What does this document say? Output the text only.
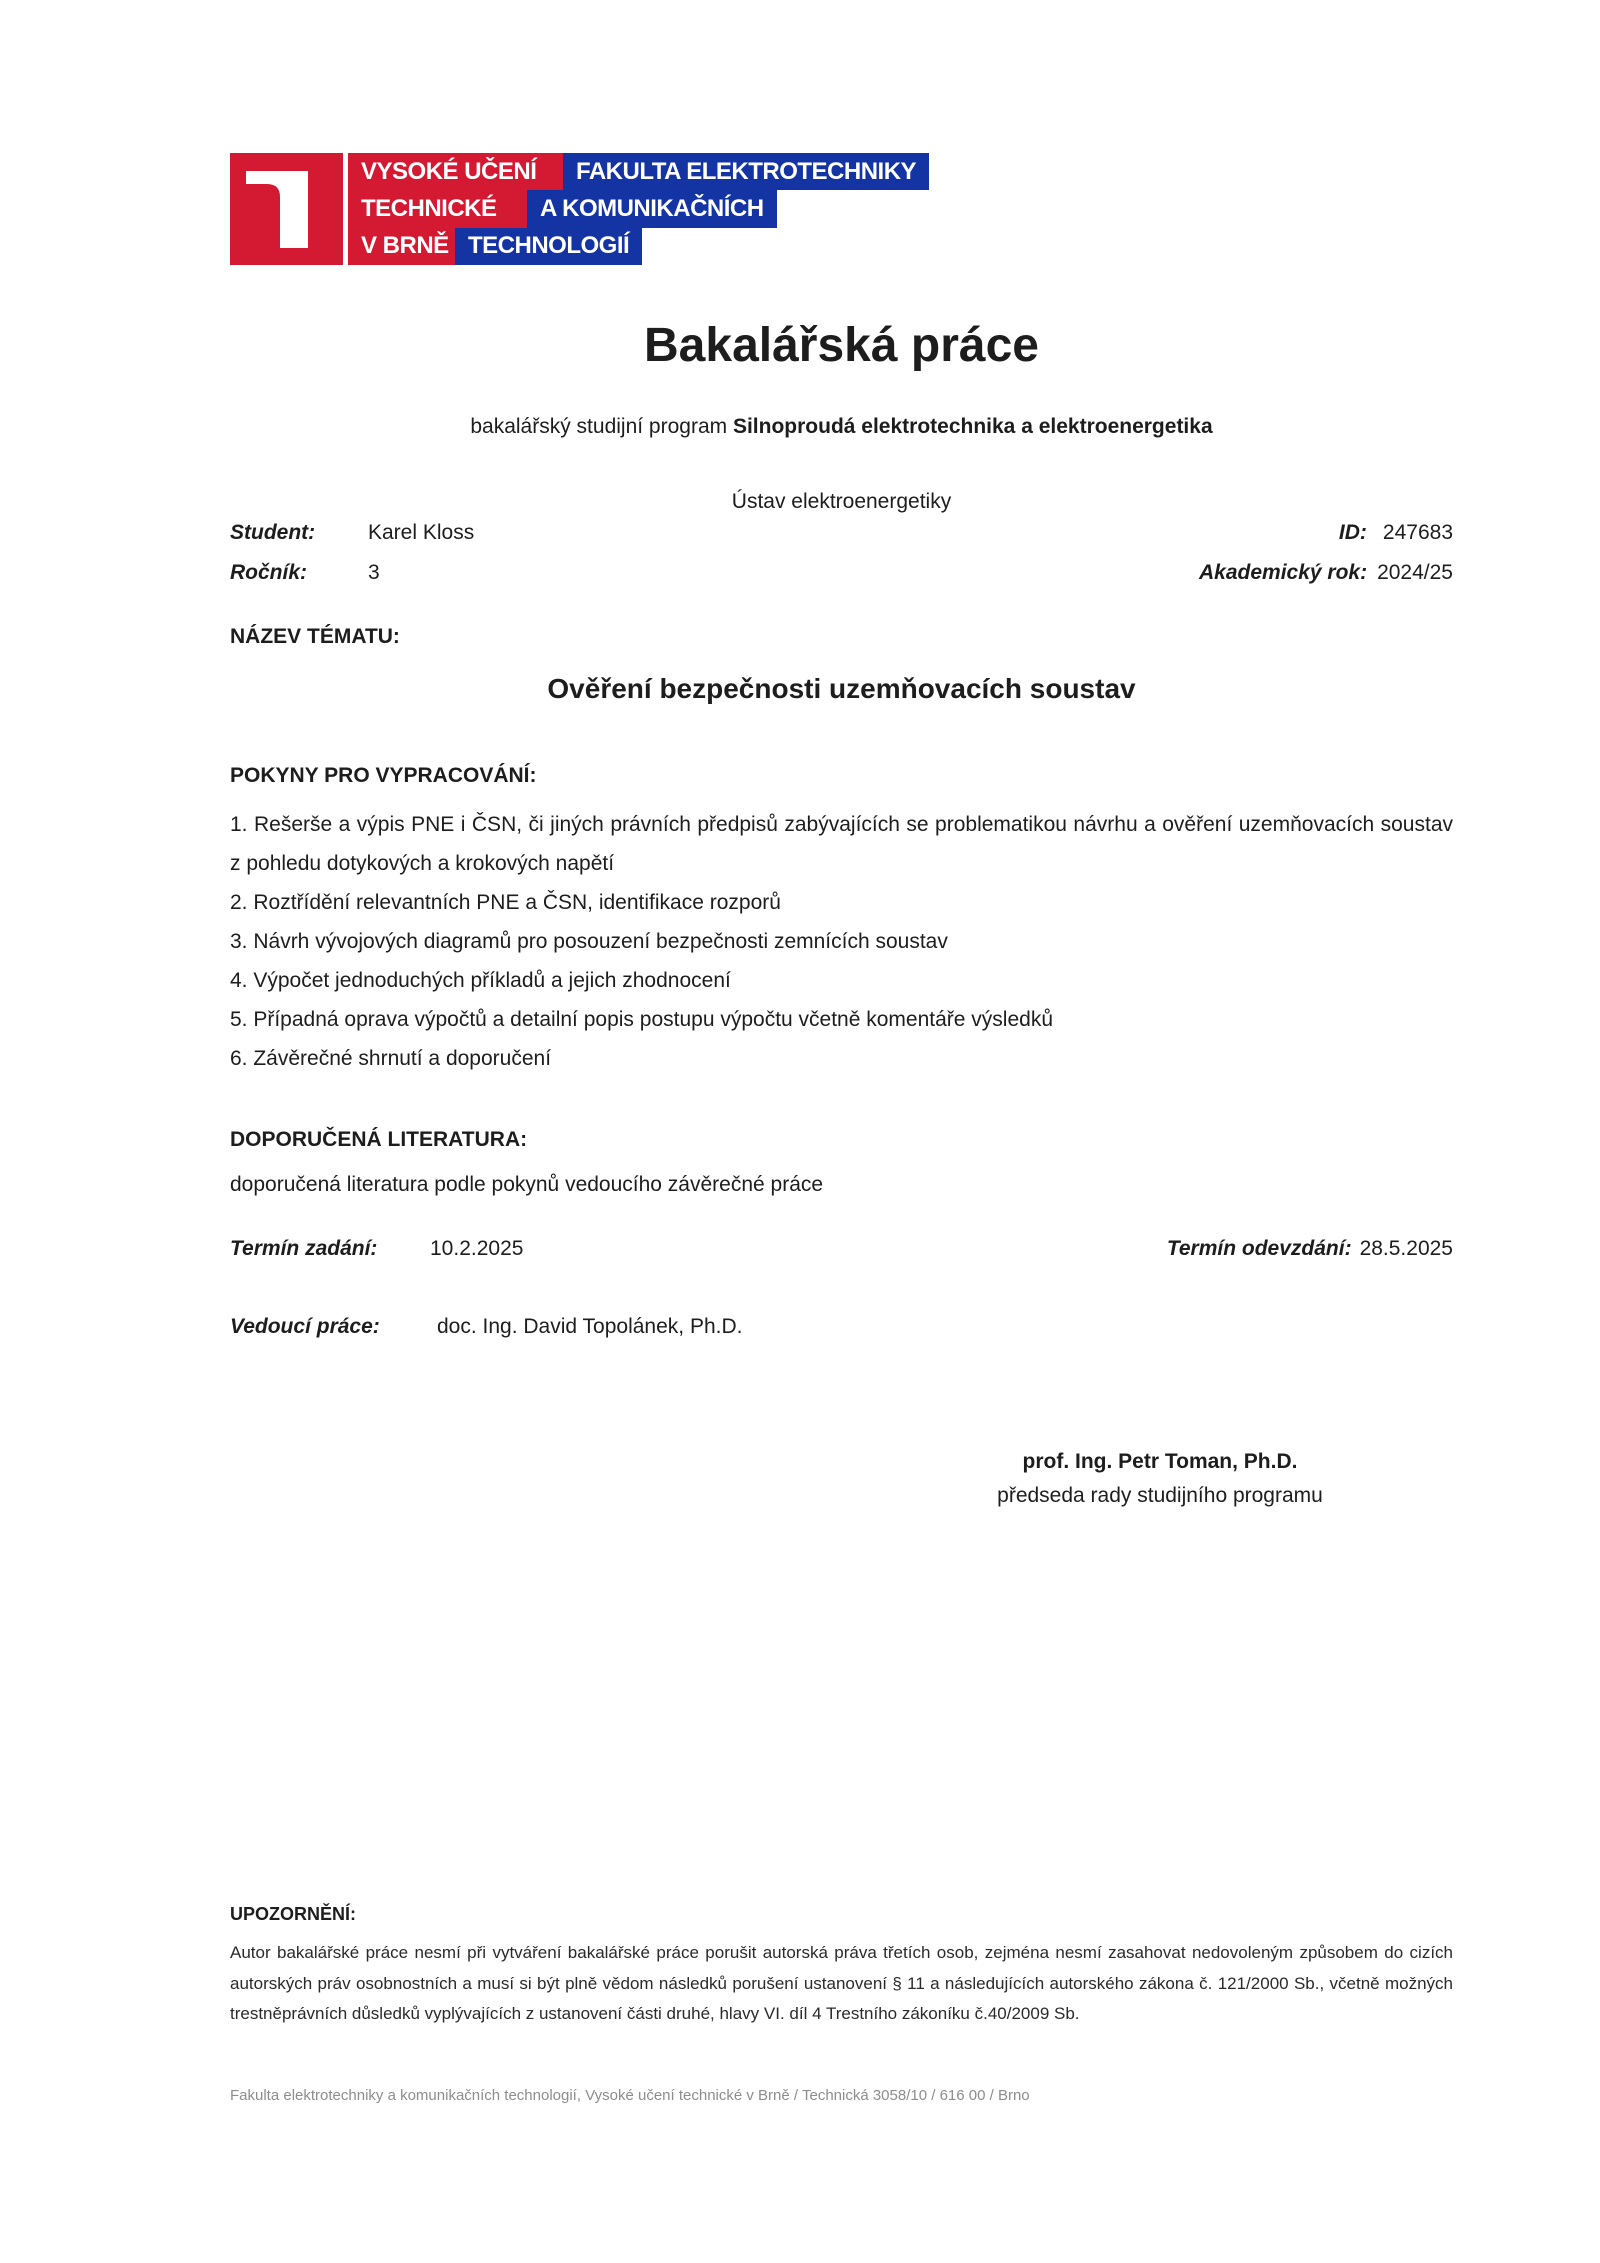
VYSOKÉ UČENÍ	FAKULTA ELEKTROTECHNIKY
TECHNICKÉ	A KOMUNIKAČNÍCH
V BRNĚ TECHNOLOGIÍ
Bakalářská práce
bakalářský studijní program Silnoproudá elektrotechnika a elektroenergetika
Ústav elektroenergetiky
Student:	Karel Kloss	ID: 247683
Ročník:	3	Akademický rok: 2024/25
NÁZEV TÉMATU:
Ověření bezpečnosti uzemňovacích soustav
POKYNY PRO VYPRACOVÁNÍ:

1. Rešerše a výpis PNE i ČSN, či jiných právních předpisů zabývajících se problematikou návrhu a ověření uzemňovacích soustav z pohledu dotykových a krokových napětí

2. Roztřídění relevantních PNE a ČSN, identifikace rozporů

3. Návrh vývojových diagramů pro posouzení bezpečnosti zemnících soustav

4. Výpočet jednoduchých příkladů a jejich zhodnocení

5. Případná oprava výpočtů a detailní popis postupu výpočtu včetně komentáře výsledků

6. Závěrečné shrnutí a doporučení

DOPORUČENÁ LITERATURA:
doporučená literatura podle pokynů vedoucího závěrečné práce
Termín zadání:	10.2.2025	Termín odevzdání: 28.5.2025
Vedoucí práce:	doc. Ing. David Topolánek, Ph.D.
prof. Ing. Petr Toman, Ph.D.
předseda rady studijního programu
UPOZORNĚNÍ:
Autor bakalářské práce nesmí při vytváření bakalářské práce porušit autorská práva třetích osob, zejména nesmí zasahovat nedovoleným způsobem do cizích autorských práv osobnostních a musí si být plně vědom následků porušení ustanovení § 11 a následujících autorského zákona č. 121/2000 Sb., včetně možných trestněprávních důsledků vyplývajících z ustanovení části druhé, hlavy VI. díl 4 Trestního zákoníku č.40/2009 Sb.
Fakulta elektrotechniky a komunikačních technologií, Vysoké učení technické v Brně / Technická 3058/10 / 616 00 / Brno
